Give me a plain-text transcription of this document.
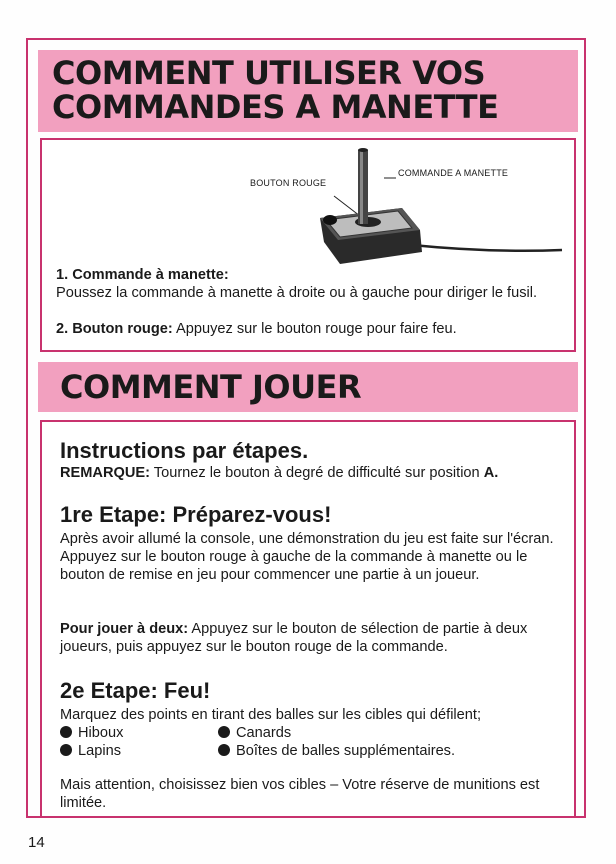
COMMENT UTILISER VOS
COMMANDES A MANETTE
BOUTON ROUGE
COMMANDE A MANETTE

1. Commande à manette:

Poussez la commande à manette à droite ou à gauche pour diriger le fusil.

2. Bouton rouge: Appuyez sur le bouton rouge pour faire feu.

COMMENT JOUER

Instructions par étapes.

REMARQUE: Tournez le bouton à degré de difficulté sur position A.

1re Etape: Préparez-vous!

Après avoir allumé la console, une démonstration du jeu est faite sur l'écran. Appuyez sur le bouton rouge à gauche de la commande à manette ou le bouton de remise en jeu pour commencer une partie à un joueur.

Pour jouer à deux: Appuyez sur le bouton de sélection de partie à deux joueurs, puis appuyez sur le bouton rouge de la commande.

2e Etape: Feu!

Marquez des points en tirant des balles sur les cibles qui défilent;

Hiboux	Canards

Lapins	Boîtes de balles supplémentaires.

Mais attention, choisissez bien vos cibles – Votre réserve de munitions est limitée.

14
